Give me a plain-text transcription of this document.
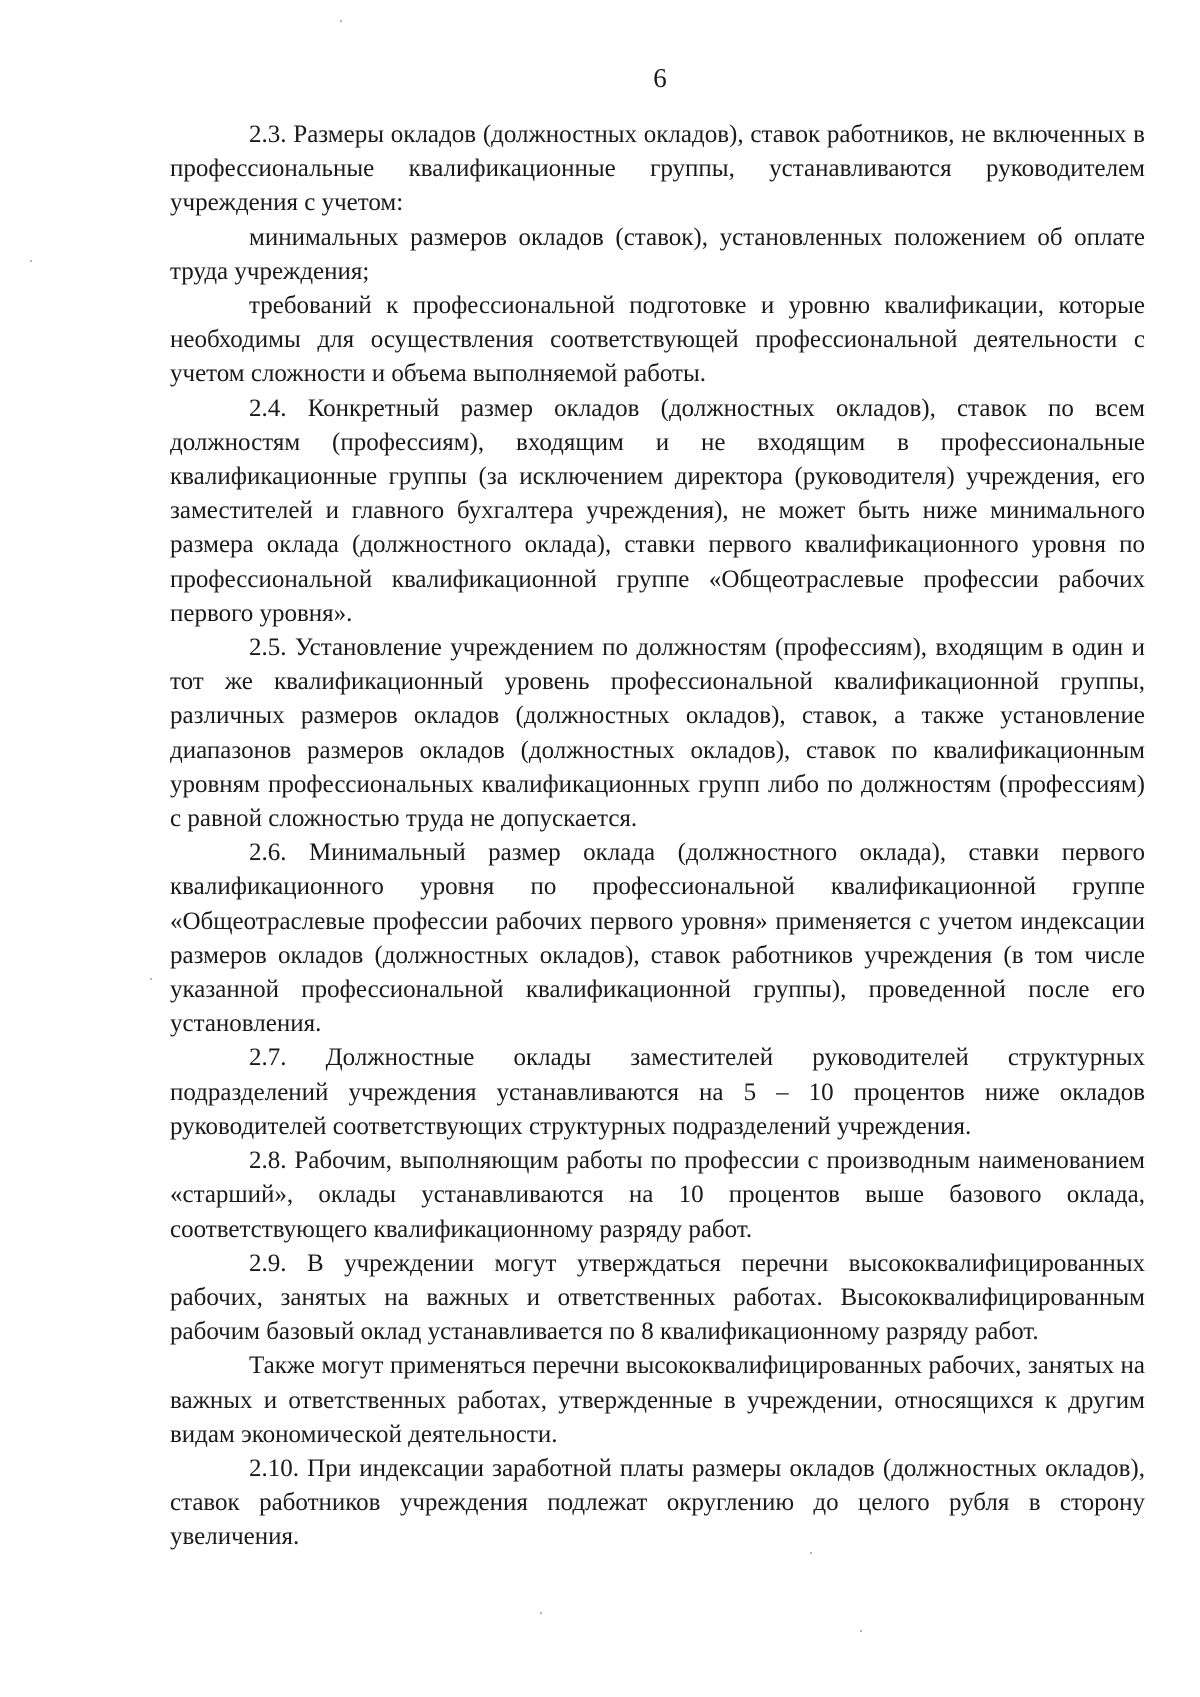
6

2.3. Размеры окладов (должностных окладов), ставок работников, не включенных в профессиональные квалификационные группы, устанавливаются руководителем учреждения с учетом:

минимальных размеров окладов (ставок), установленных положением об оплате труда учреждения;

требований к профессиональной подготовке и уровню квалификации, которые необходимы для осуществления соответствующей профессиональной деятельности с учетом сложности и объема выполняемой работы.

2.4. Конкретный размер окладов (должностных окладов), ставок по всем должностям (профессиям), входящим и не входящим в профессиональные квалификационные группы (за исключением директора (руководителя) учреждения, его заместителей и главного бухгалтера учреждения), не может быть ниже минимального размера оклада (должностного оклада), ставки первого квалификационного уровня по профессиональной квалификационной группе «Общеотраслевые профессии рабочих первого уровня».

2.5. Установление учреждением по должностям (профессиям), входящим в один и тот же квалификационный уровень профессиональной квалификационной группы, различных размеров окладов (должностных окладов), ставок, а также установление диапазонов размеров окладов (должностных окладов), ставок по квалификационным уровням профессиональных квалификационных групп либо по должностям (профессиям) с равной сложностью труда не допускается.

2.6. Минимальный размер оклада (должностного оклада), ставки первого квалификационного уровня по профессиональной квалификационной группе «Общеотраслевые профессии рабочих первого уровня» применяется с учетом индексации размеров окладов (должностных окладов), ставок работников учреждения (в том числе указанной профессиональной квалификационной группы), проведенной после его установления.

2.7. Должностные оклады заместителей руководителей структурных подразделений учреждения устанавливаются на 5 – 10 процентов ниже окладов руководителей соответствующих структурных подразделений учреждения.

2.8. Рабочим, выполняющим работы по профессии с производным наименованием «старший», оклады устанавливаются на 10 процентов выше базового оклада, соответствующего квалификационному разряду работ.

2.9. В учреждении могут утверждаться перечни высококвалифицированных рабочих, занятых на важных и ответственных работах. Высококвалифицированным рабочим базовый оклад устанавливается по 8 квалификационному разряду работ.

Также могут применяться перечни высококвалифицированных рабочих, занятых на важных и ответственных работах, утвержденные в учреждении, относящихся к другим видам экономической деятельности.

2.10. При индексации заработной платы размеры окладов (должностных окладов), ставок работников учреждения подлежат округлению до целого рубля в сторону увеличения.
